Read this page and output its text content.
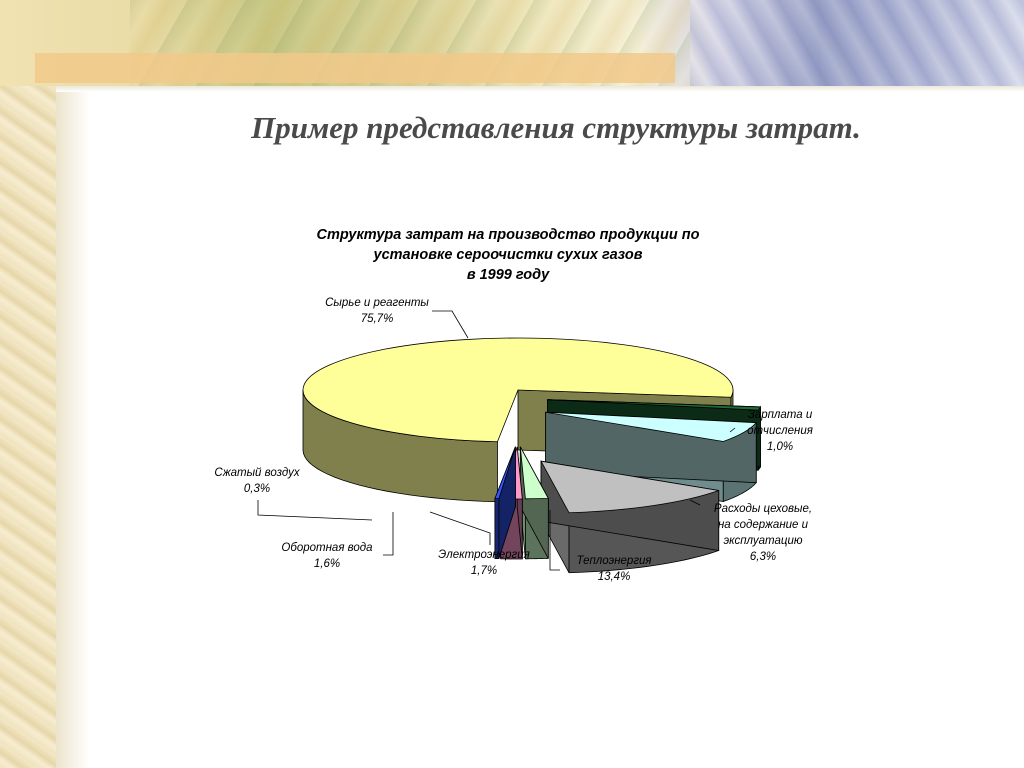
Пример представления структуры затрат.
Структура затрат на производство продукции по
установке сероочистки сухих газов
в 1999 году
Сырье и реагенты
75,7%
Зарплата и
отчисления
1,0%
Расходы цеховые,
на содержание и
эксплуатацию
6,3%
Теплоэнергия
13,4%
Электроэнергия
1,7%
Оборотная вода
1,6%
Сжатый воздух
0,3%
